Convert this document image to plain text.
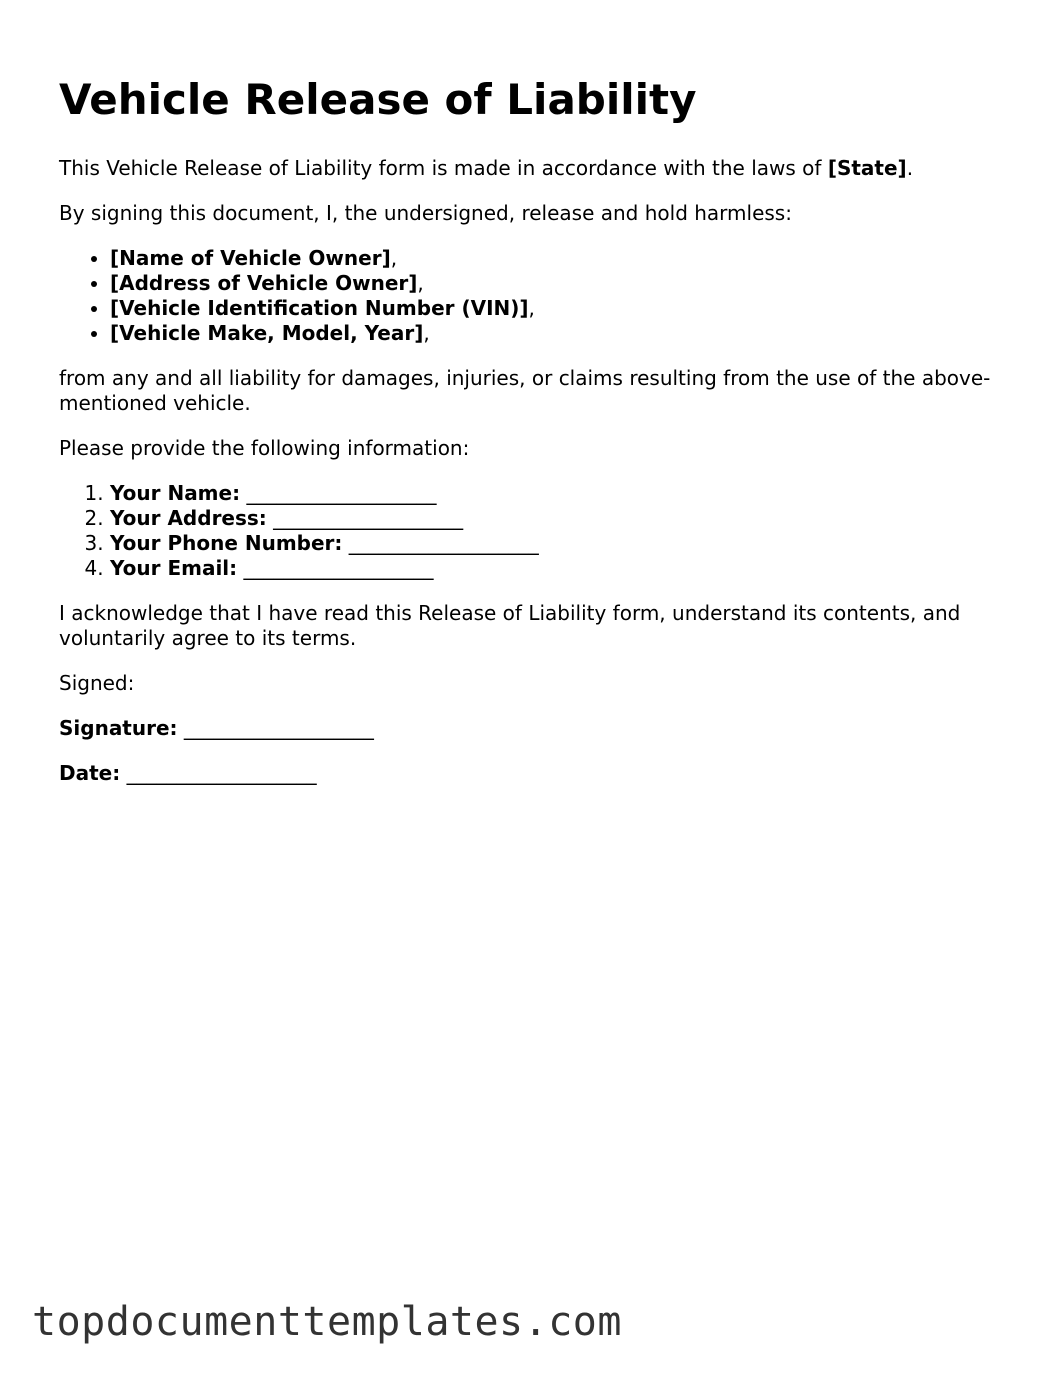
Vehicle Release of Liability

This Vehicle Release of Liability form is made in accordance with the laws of [State].

By signing this document, I, the undersigned, release and hold harmless:

• [Name of Vehicle Owner],
• [Address of Vehicle Owner],
• [Vehicle Identification Number (VIN)],
• [Vehicle Make, Model, Year],

from any and all liability for damages, injuries, or claims resulting from the use of the above-mentioned vehicle.

Please provide the following information:

1. Your Name: ___________________
2. Your Address: ___________________
3. Your Phone Number: ___________________
4. Your Email: ___________________

I acknowledge that I have read this Release of Liability form, understand its contents, and voluntarily agree to its terms.

Signed:

Signature: ___________________

Date: ___________________

topdocumenttemplates.com
